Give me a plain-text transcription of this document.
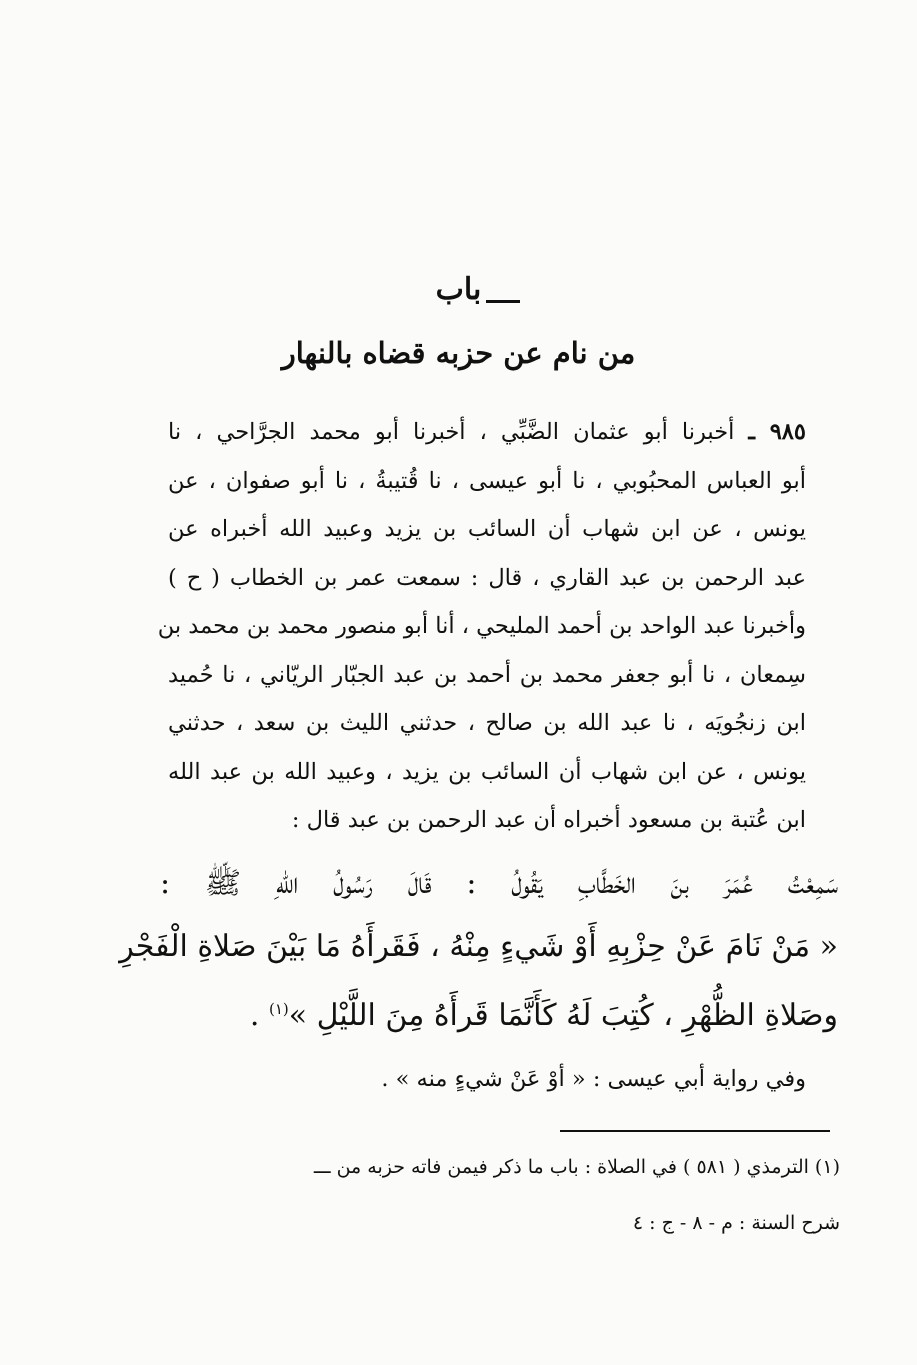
باب
من نام عن حزبه قضاه بالنهار
٩٨٥ ـ أخبرنا أبو عثمان الضَّبِّي ، أخبرنا أبو محمد الجرَّاحي ، نا
أبو العباس المحبُوبي ، نا أبو عيسى ، نا قُتيبةُ ، نا أبو صفوان ، عن
يونس ، عن ابن شهاب أن السائب بن يزيد وعبيد الله أخبراه عن
عبد الرحمن بن عبد القاري ، قال : سمعت عمر بن الخطاب ( ح )
وأخبرنا عبد الواحد بن أحمد المليحي ، أنا أبو منصور محمد بن محمد بن
سِمعان ، نا أبو جعفر محمد بن أحمد بن عبد الجبّار الريّاني ، نا حُميد
ابن زنجُويَه ، نا عبد الله بن صالح ، حدثني الليث بن سعد ، حدثني
يونس ، عن ابن شهاب أن السائب بن يزيد ، وعبيد الله بن عبد الله
ابن عُتبة بن مسعود أخبراه أن عبد الرحمن بن عبد قال :
سَمِعْتُ عُمَرَ بنَ الخَطَّابِ يَقُولُ : قَالَ رَسُولُ اللهِ ﷺ :
« مَنْ نَامَ عَنْ حِزْبِهِ أَوْ شَيءٍ مِنْهُ ، فَقَرأَهُ مَا بَيْنَ صَلاةِ الْفَجْرِ
وصَلاةِ الظُّهْرِ ، كُتِبَ لَهُ كَأَنَّمَا قَرأَهُ مِنَ اللَّيْلِ »$^{(١)}$ .
وفي رواية أبي عيسى : « أوْ عَنْ شيءٍ منه » .
(١) الترمذي ( ٥٨١ ) في الصلاة : باب ما ذكر فيمن فاته حزبه من ـــ
شرح السنة : م - ٨ - ج : ٤
